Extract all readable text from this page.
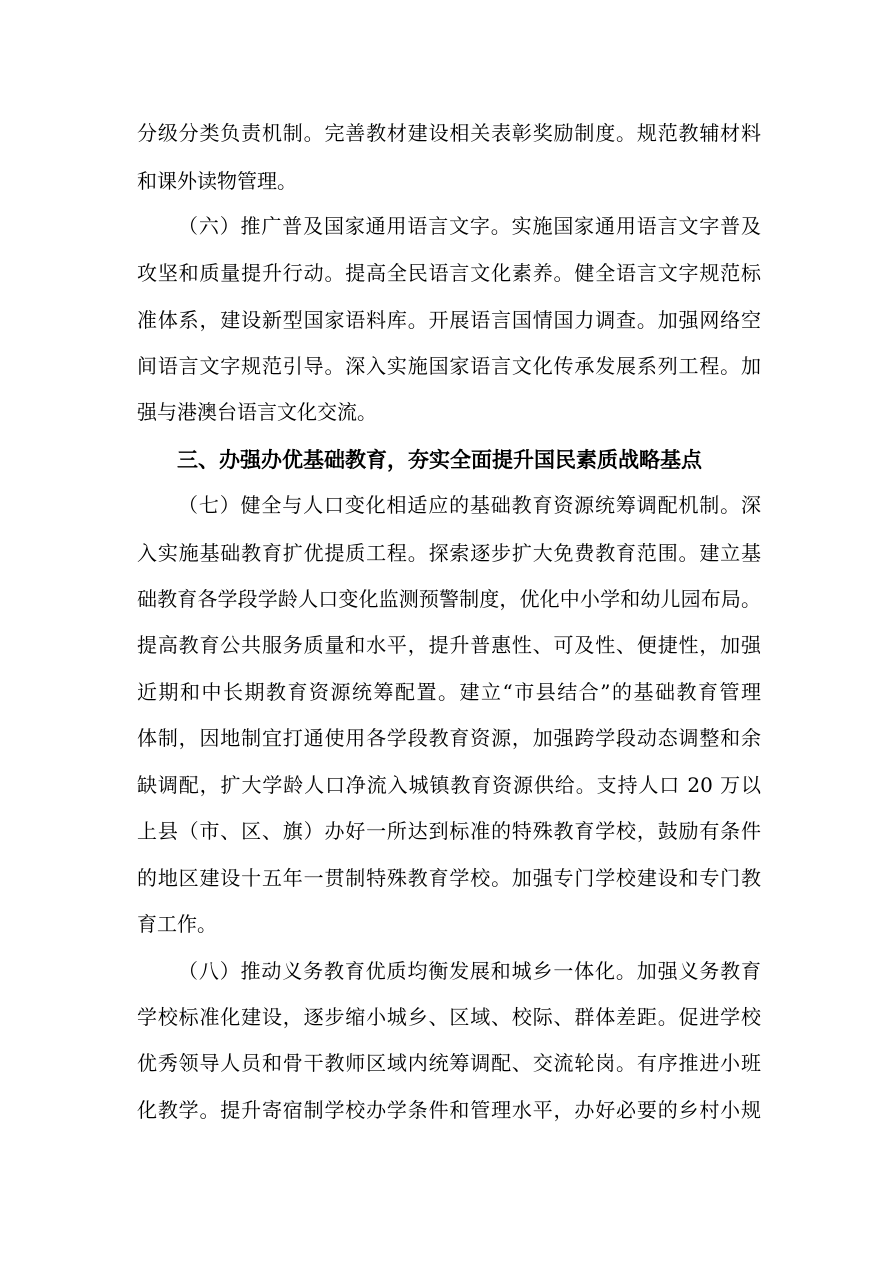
分级分类负责机制。完善教材建设相关表彰奖励制度。规范教辅材料
和课外读物管理。
（六）推广普及国家通用语言文字。实施国家通用语言文字普及
攻坚和质量提升行动。提高全民语言文化素养。健全语言文字规范标
准体系，建设新型国家语料库。开展语言国情国力调查。加强网络空
间语言文字规范引导。深入实施国家语言文化传承发展系列工程。加
强与港澳台语言文化交流。
三、办强办优基础教育，夯实全面提升国民素质战略基点
（七）健全与人口变化相适应的基础教育资源统筹调配机制。深
入实施基础教育扩优提质工程。探索逐步扩大免费教育范围。建立基
础教育各学段学龄人口变化监测预警制度，优化中小学和幼儿园布局。
提高教育公共服务质量和水平，提升普惠性、可及性、便捷性，加强
近期和中长期教育资源统筹配置。建立“市县结合”的基础教育管理
体制，因地制宜打通使用各学段教育资源，加强跨学段动态调整和余
缺调配，扩大学龄人口净流入城镇教育资源供给。支持人口 20 万以
上县（市、区、旗）办好一所达到标准的特殊教育学校，鼓励有条件
的地区建设十五年一贯制特殊教育学校。加强专门学校建设和专门教
育工作。
（八）推动义务教育优质均衡发展和城乡一体化。加强义务教育
学校标准化建设，逐步缩小城乡、区域、校际、群体差距。促进学校
优秀领导人员和骨干教师区域内统筹调配、交流轮岗。有序推进小班
化教学。提升寄宿制学校办学条件和管理水平，办好必要的乡村小规
